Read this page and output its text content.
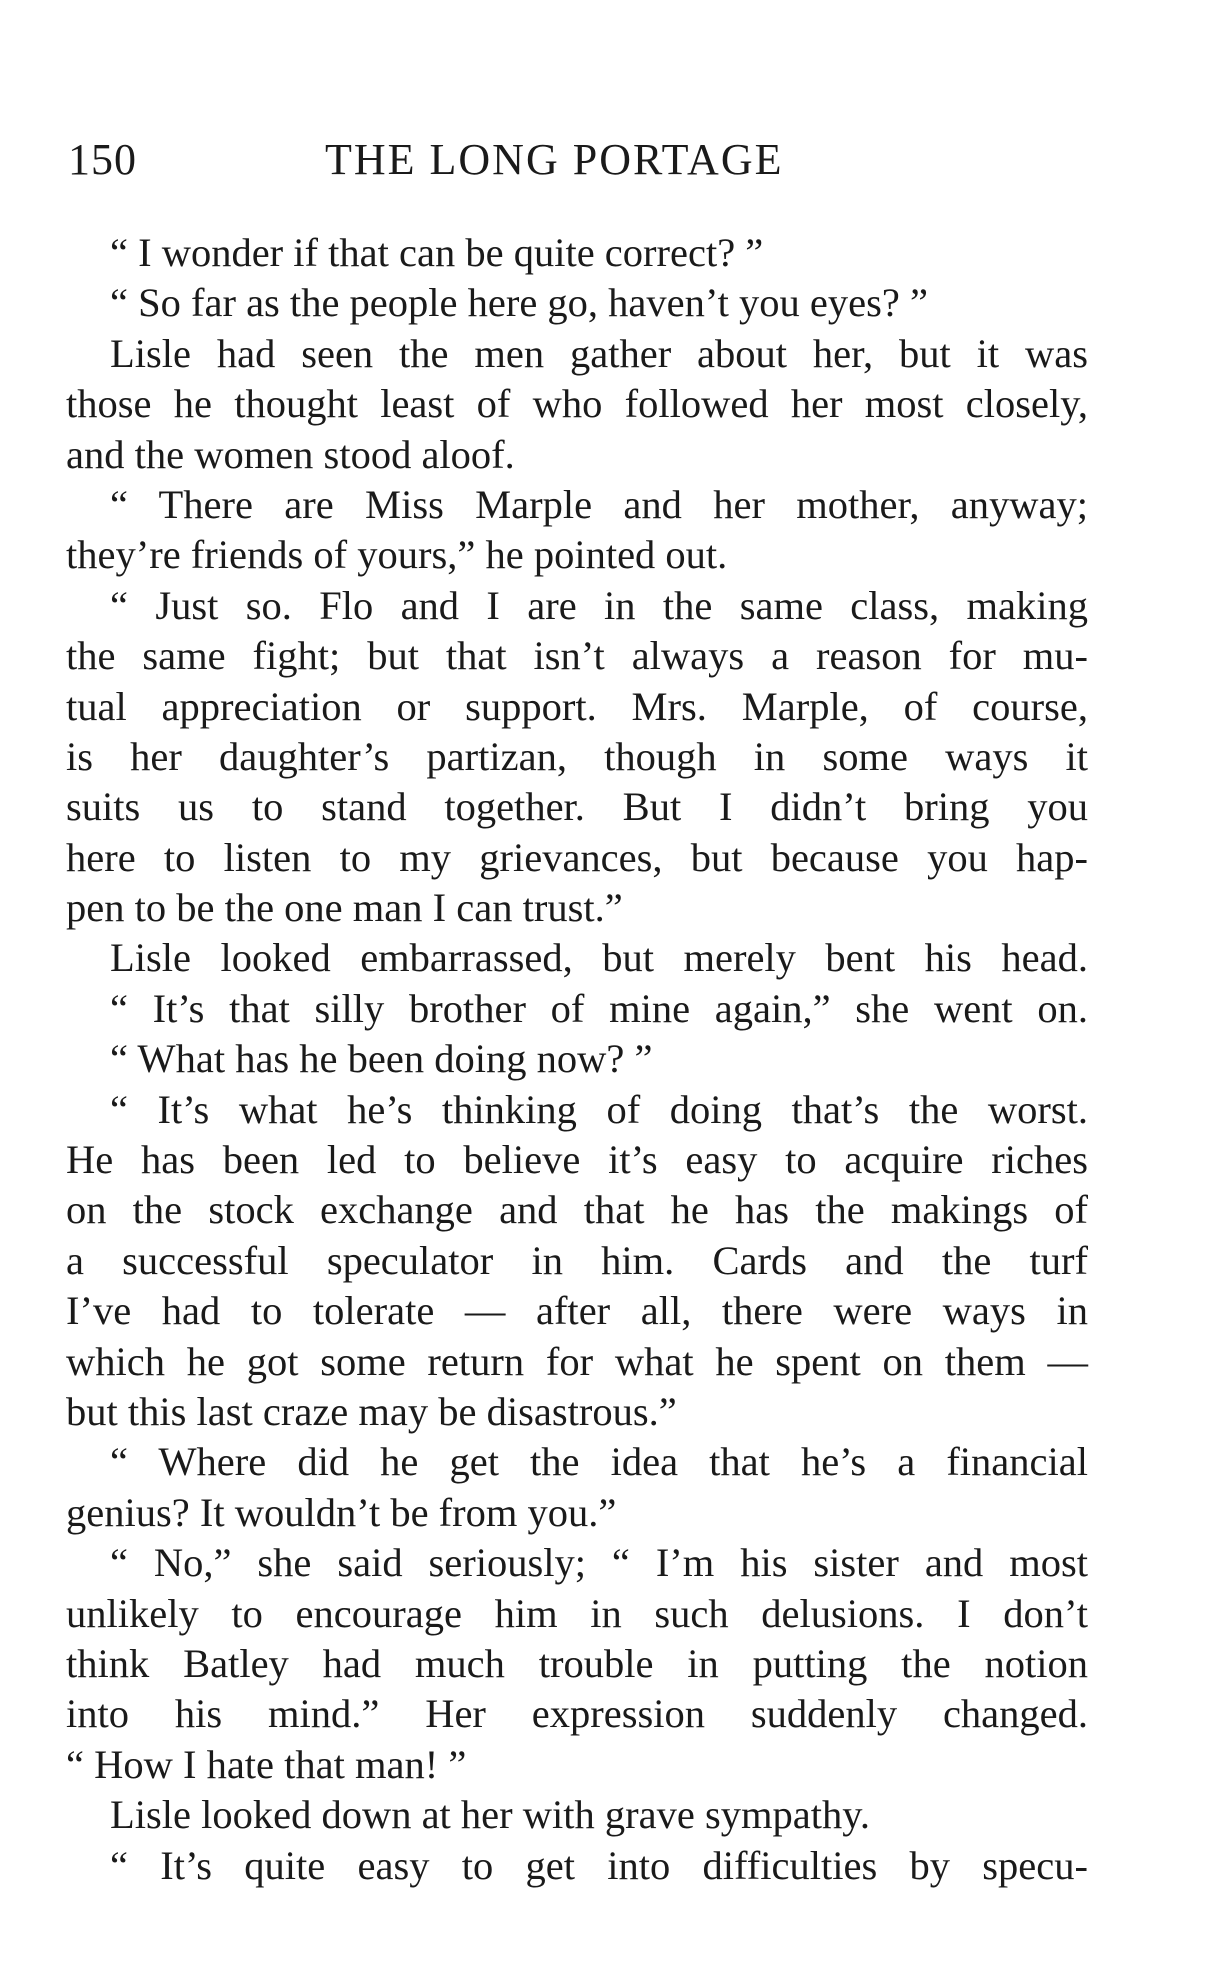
150	THE LONG PORTAGE
“ I wonder if that can be quite correct? ”
“ So far as the people here go, haven’t you eyes? ”
Lisle had seen the men gather about her, but it was
those he thought least of who followed her most closely,
and the women stood aloof.
“ There are Miss Marple and her mother, anyway;
they’re friends of yours,” he pointed out.
“ Just so. Flo and I are in the same class, making
the same fight; but that isn’t always a reason for mu-
tual appreciation or support. Mrs. Marple, of course,
is her daughter’s partizan, though in some ways it
suits us to stand together. But I didn’t bring you
here to listen to my grievances, but because you hap-
pen to be the one man I can trust.”
Lisle looked embarrassed, but merely bent his head.
“ It’s that silly brother of mine again,” she went on.
“ What has he been doing now? ”
“ It’s what he’s thinking of doing that’s the worst.
He has been led to believe it’s easy to acquire riches
on the stock exchange and that he has the makings of
a successful speculator in him. Cards and the turf
I’ve had to tolerate — after all, there were ways in
which he got some return for what he spent on them —
but this last craze may be disastrous.”
“ Where did he get the idea that he’s a financial
genius? It wouldn’t be from you.”
“ No,” she said seriously; “ I’m his sister and most
unlikely to encourage him in such delusions. I don’t
think Batley had much trouble in putting the notion
into his mind.” Her expression suddenly changed.
“ How I hate that man! ”
Lisle looked down at her with grave sympathy.
“ It’s quite easy to get into difficulties by specu-
